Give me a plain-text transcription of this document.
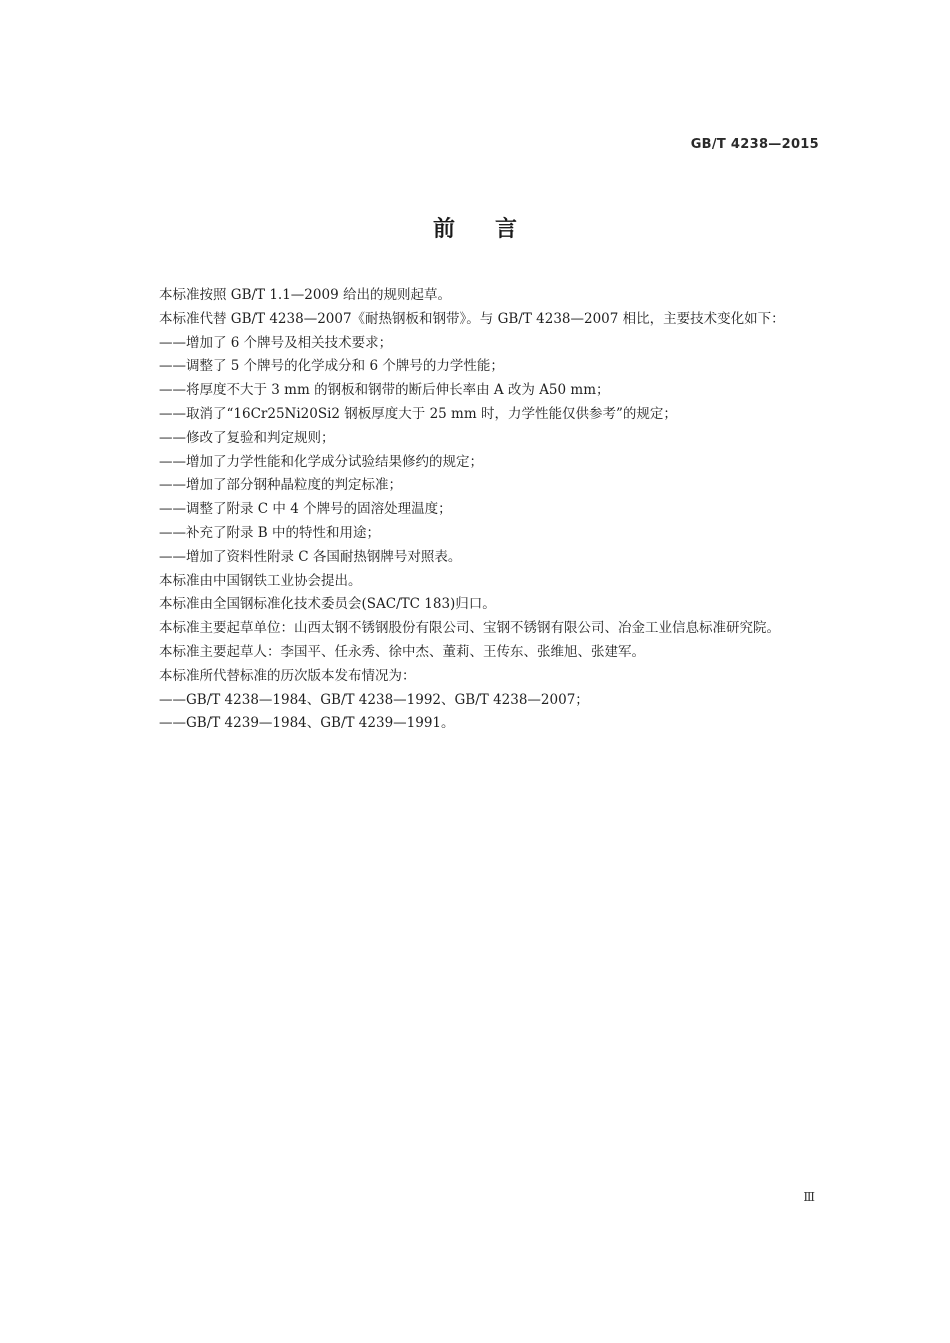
GB/T 4238—2015
前言

本标准按照 GB/T 1.1—2009 给出的规则起草。

本标准代替 GB/T 4238—2007《耐热钢板和钢带》。与 GB/T 4238—2007 相比，主要技术变化如下：

——增加了 6 个牌号及相关技术要求；

——调整了 5 个牌号的化学成分和 6 个牌号的力学性能；

——将厚度不大于 3 mm 的钢板和钢带的断后伸长率由 A 改为 A50 mm；

——取消了“16Cr25Ni20Si2 钢板厚度大于 25 mm 时，力学性能仅供参考”的规定；

——修改了复验和判定规则；

——增加了力学性能和化学成分试验结果修约的规定；

——增加了部分钢种晶粒度的判定标准；

——调整了附录 C 中 4 个牌号的固溶处理温度；

——补充了附录 B 中的特性和用途；

——增加了资料性附录 C 各国耐热钢牌号对照表。

本标准由中国钢铁工业协会提出。

本标准由全国钢标准化技术委员会(SAC/TC 183)归口。

本标准主要起草单位：山西太钢不锈钢股份有限公司、宝钢不锈钢有限公司、冶金工业信息标准研究院。

本标准主要起草人：李国平、任永秀、徐中杰、董莉、王传东、张维旭、张建军。

本标准所代替标准的历次版本发布情况为：

——GB/T 4238—1984、GB/T 4238—1992、GB/T 4238—2007；

——GB/T 4239—1984、GB/T 4239—1991。

Ⅲ
